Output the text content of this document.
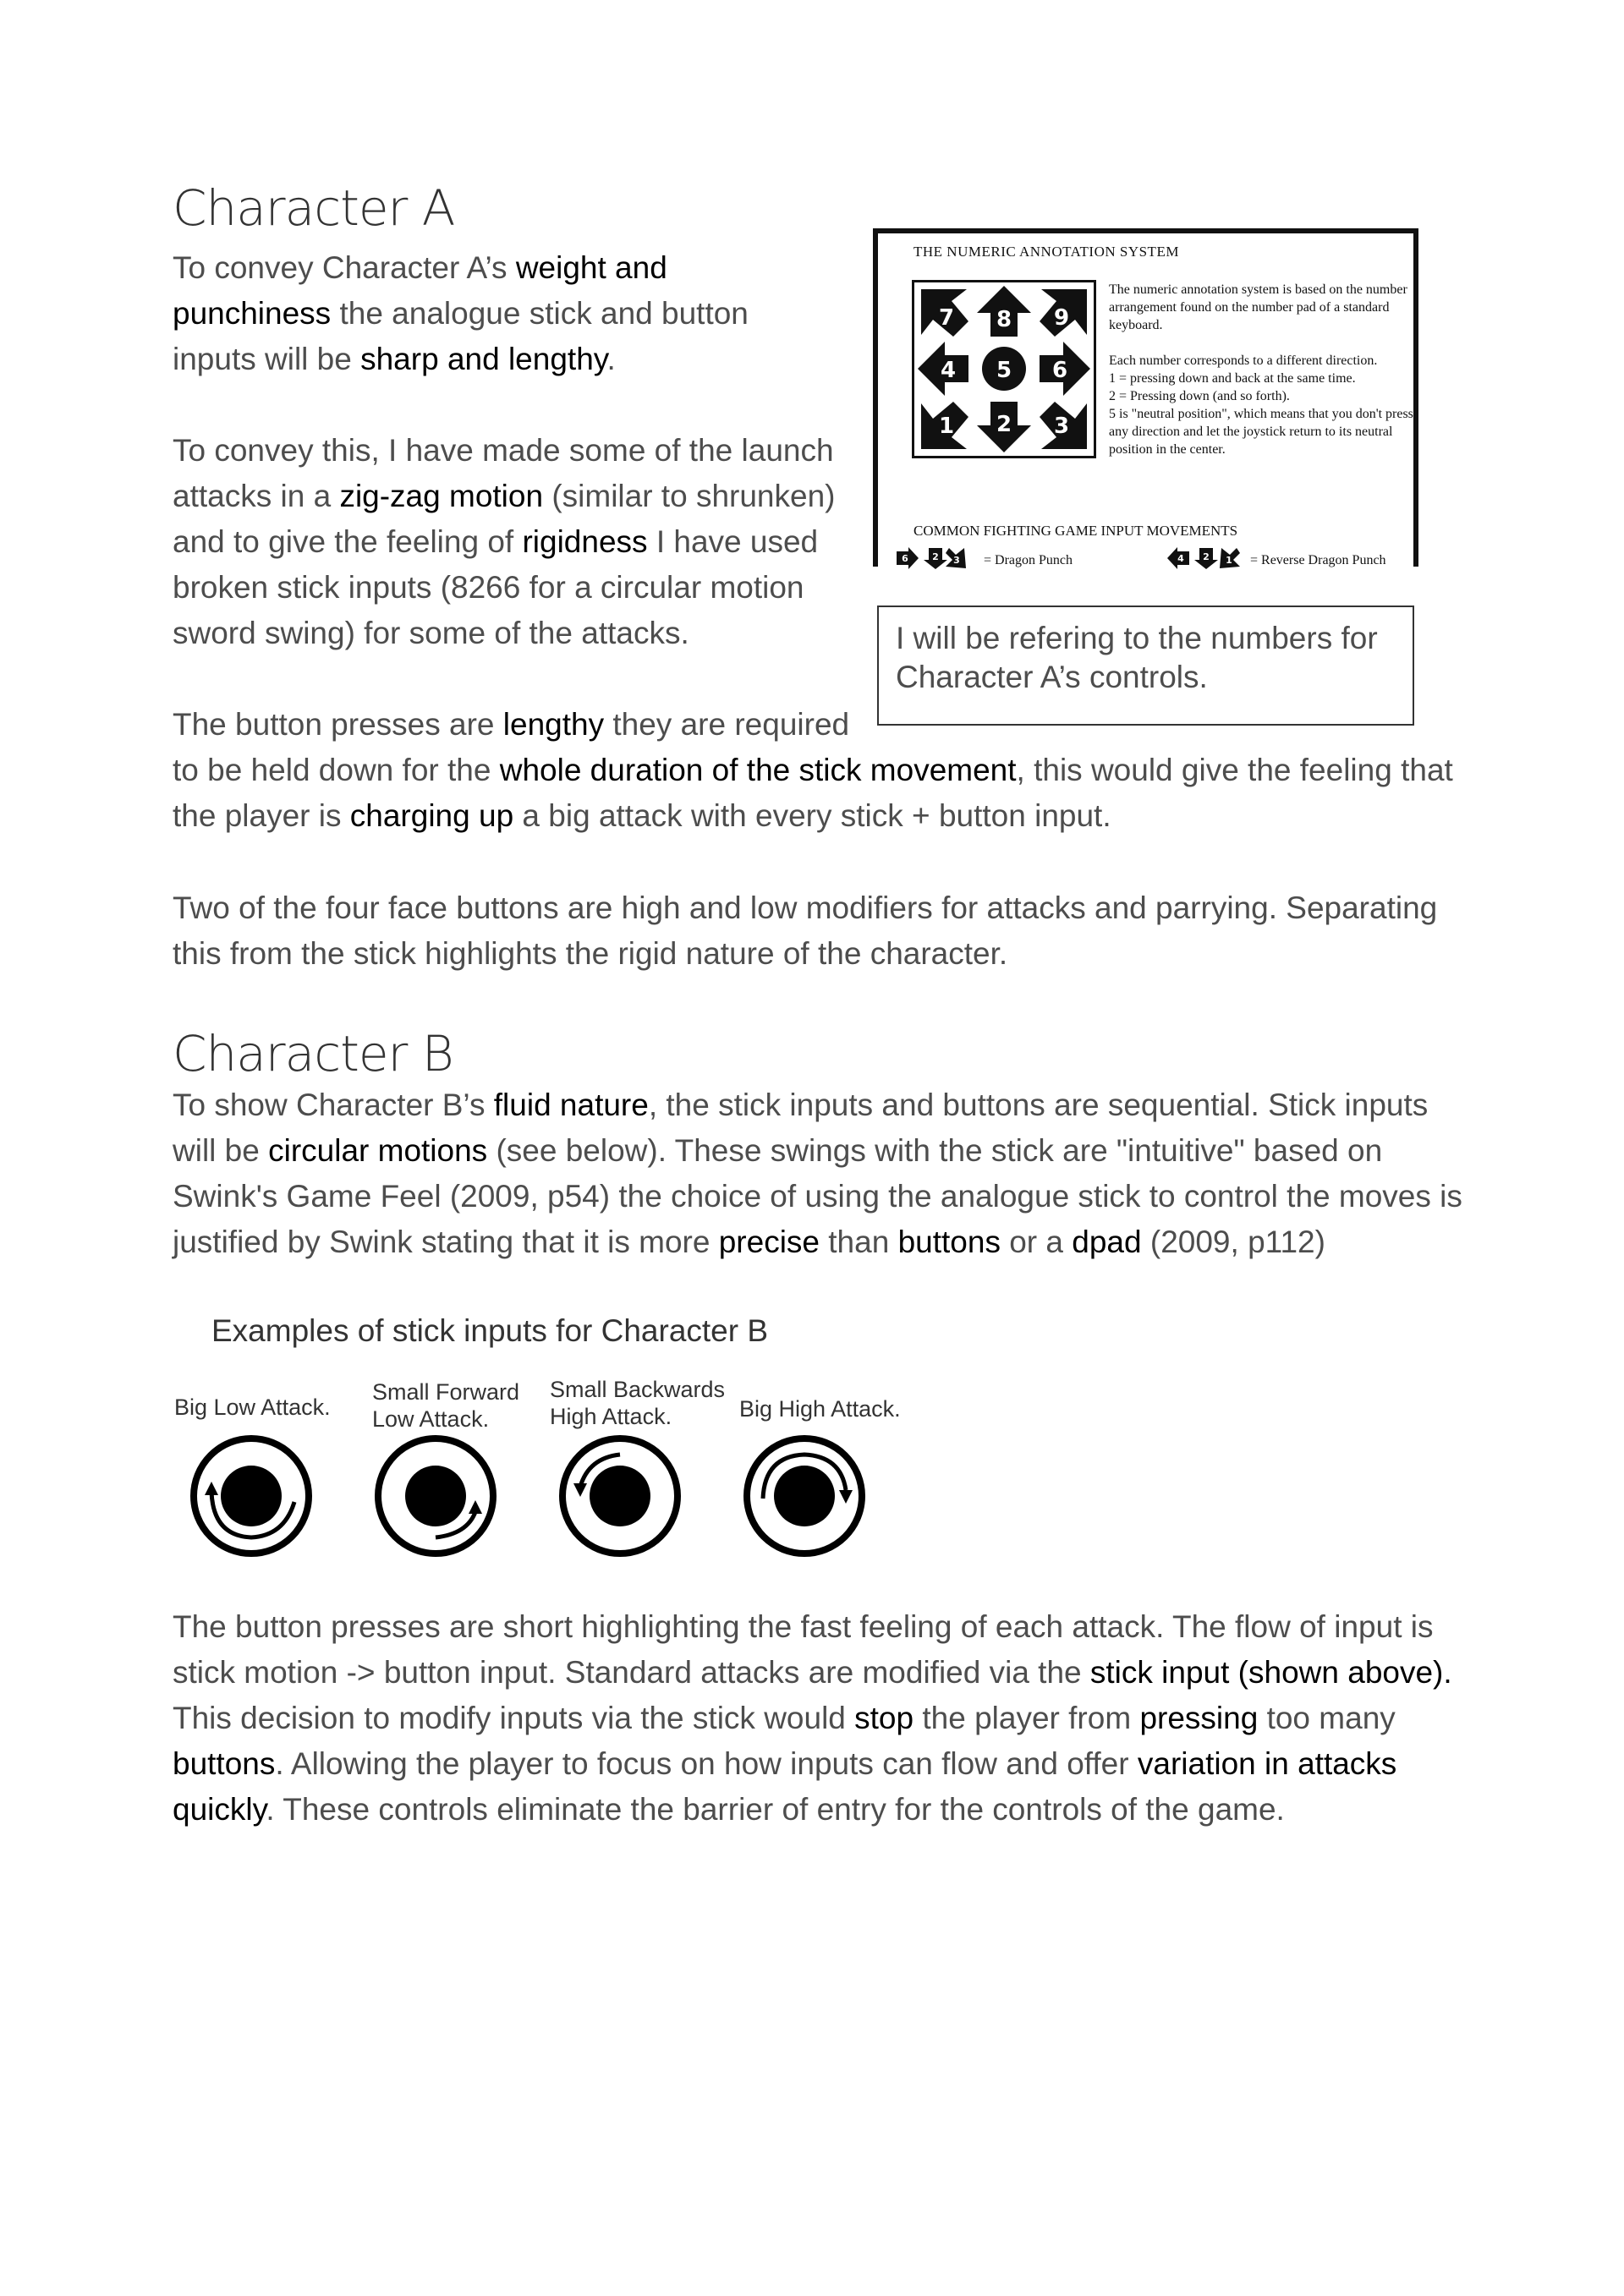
Character A

To convey Character A’s weight and punchiness the analogue stick and button inputs will be sharp and lengthy.

To convey this, I have made some of the launch attacks in a zig-zag motion (similar to shrunken) and to give the feeling of rigidness I have used broken stick inputs (8266 for a circular motion sword swing) for some of the attacks.

The button presses are lengthy they are required

to be held down for the whole duration of the stick movement, this would give the feeling that the player is charging up a big attack with every stick + button input.

Two of the four face buttons are high and low modifiers for attacks and parrying. Separating this from the stick highlights the rigid nature of the character.

THE NUMERIC ANNOTATION SYSTEM
7 8 9
4 5 6
1 2 3
The numeric annotation system is based on the number arrangement found on the number pad of a standard keyboard.
Each number corresponds to a different direction.
1 = pressing down and back at the same time.
2 = Pressing down (and so forth).
5 is "neutral position", which means that you don't press any direction and let the joystick return to its neutral position in the center.
COMMON FIGHTING GAME INPUT MOVEMENTS
6	2 3 = Dragon Punch	4 2 1 = Reverse Dragon Punch
I will be refering to the numbers for Character A’s controls.
Character B

To show Character B’s fluid nature, the stick inputs and buttons are sequential. Stick inputs will be circular motions (see below). These swings with the stick are "intuitive" based on Swink's Game Feel (2009, p54) the choice of using the analogue stick to control the moves is justified by Swink stating that it is more precise than buttons or a dpad (2009, p112)

Examples of stick inputs for Character B
Big Low Attack.
Small Forward Low Attack.
Small Backwards High Attack.	Big High Attack.

The button presses are short highlighting the fast feeling of each attack. The flow of input is stick motion -> button input. Standard attacks are modified via the stick input (shown above). This decision to modify inputs via the stick would stop the player from pressing too many buttons. Allowing the player to focus on how inputs can flow and offer variation in attacks quickly. These controls eliminate the barrier of entry for the controls of the game.
